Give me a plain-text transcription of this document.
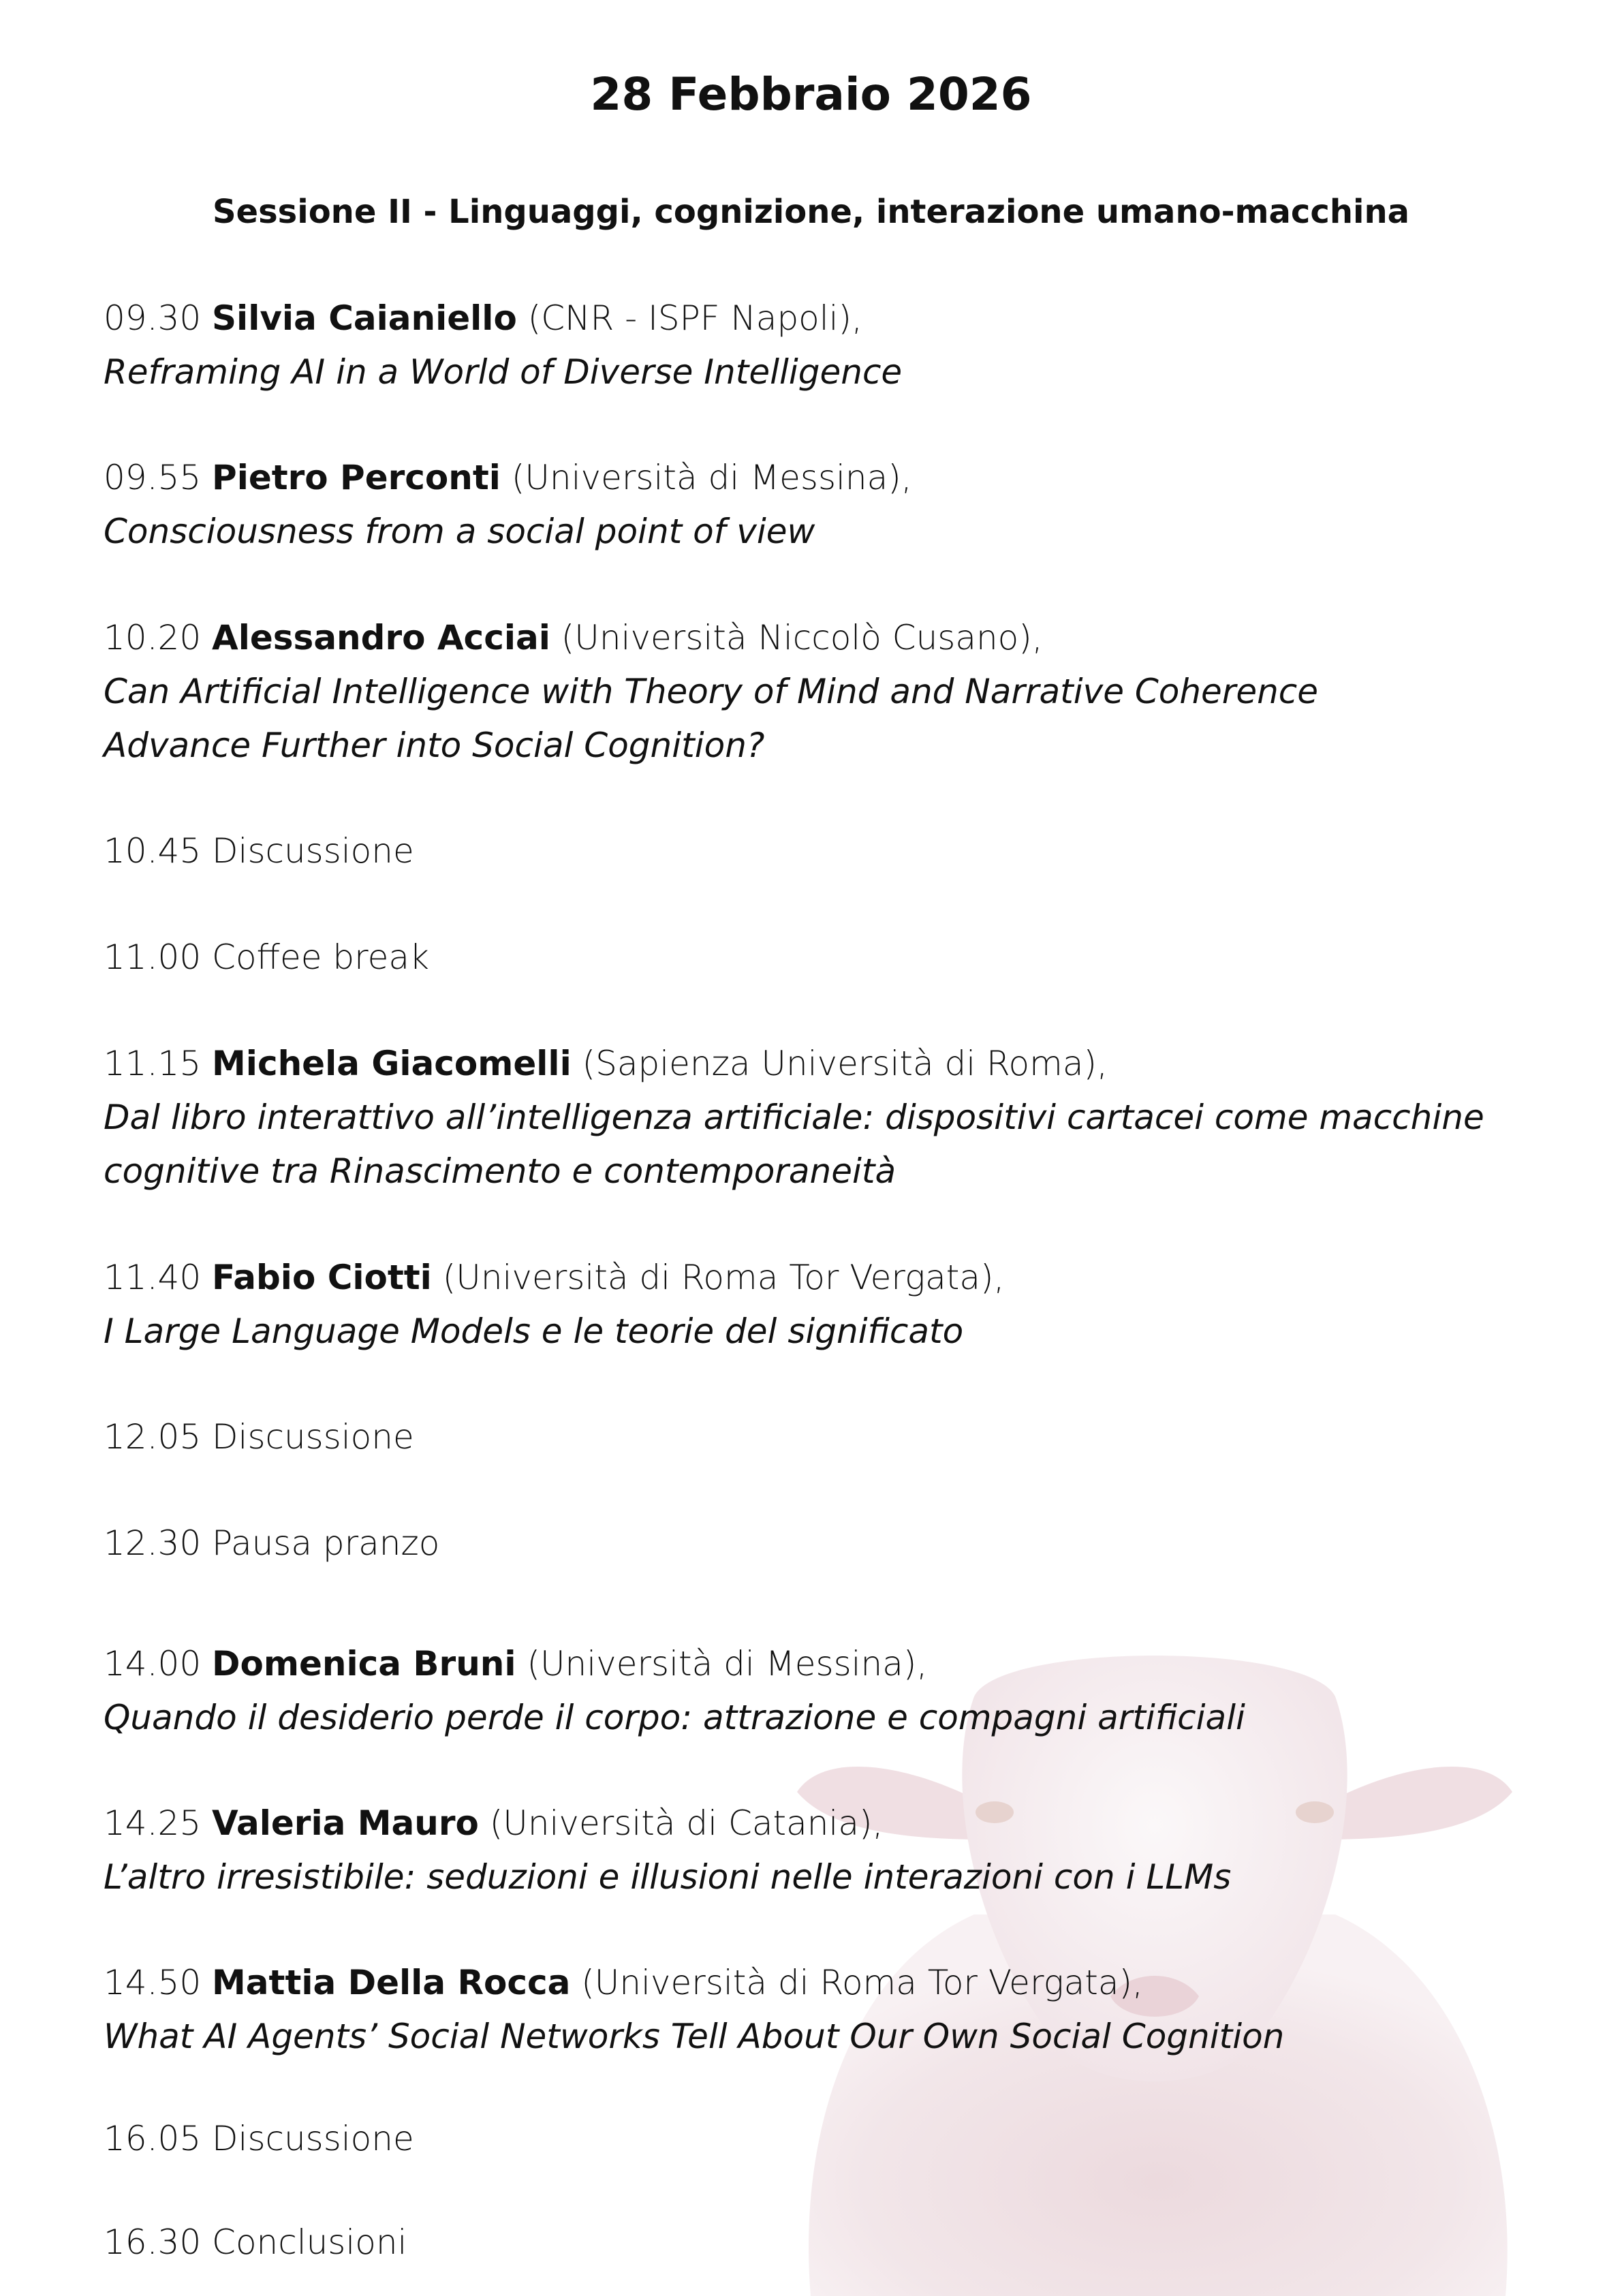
28 Febbraio 2026
Sessione II - Linguaggi, cognizione, interazione umano-macchina
09.30 Silvia Caianiello (CNR - ISPF Napoli),
Reframing AI in a World of Diverse Intelligence
09.55 Pietro Perconti (Università di Messina),
Consciousness from a social point of view
10.20 Alessandro Acciai (Università Niccolò Cusano),
Can Artificial Intelligence with Theory of Mind and Narrative Coherence
Advance Further into Social Cognition?
10.45 Discussione
11.00 Coffee break
11.15 Michela Giacomelli (Sapienza Università di Roma),
Dal libro interattivo all’intelligenza artificiale: dispositivi cartacei come macchine
cognitive tra Rinascimento e contemporaneità
11.40 Fabio Ciotti (Università di Roma Tor Vergata),
I Large Language Models e le teorie del significato
12.05 Discussione
12.30 Pausa pranzo
14.00 Domenica Bruni (Università di Messina),
Quando il desiderio perde il corpo: attrazione e compagni artificiali
14.25 Valeria Mauro (Università di Catania),
L’altro irresistibile: seduzioni e illusioni nelle interazioni con i LLMs
14.50 Mattia Della Rocca (Università di Roma Tor Vergata),
What AI Agents’ Social Networks Tell About Our Own Social Cognition
16.05 Discussione
16.30 Conclusioni
